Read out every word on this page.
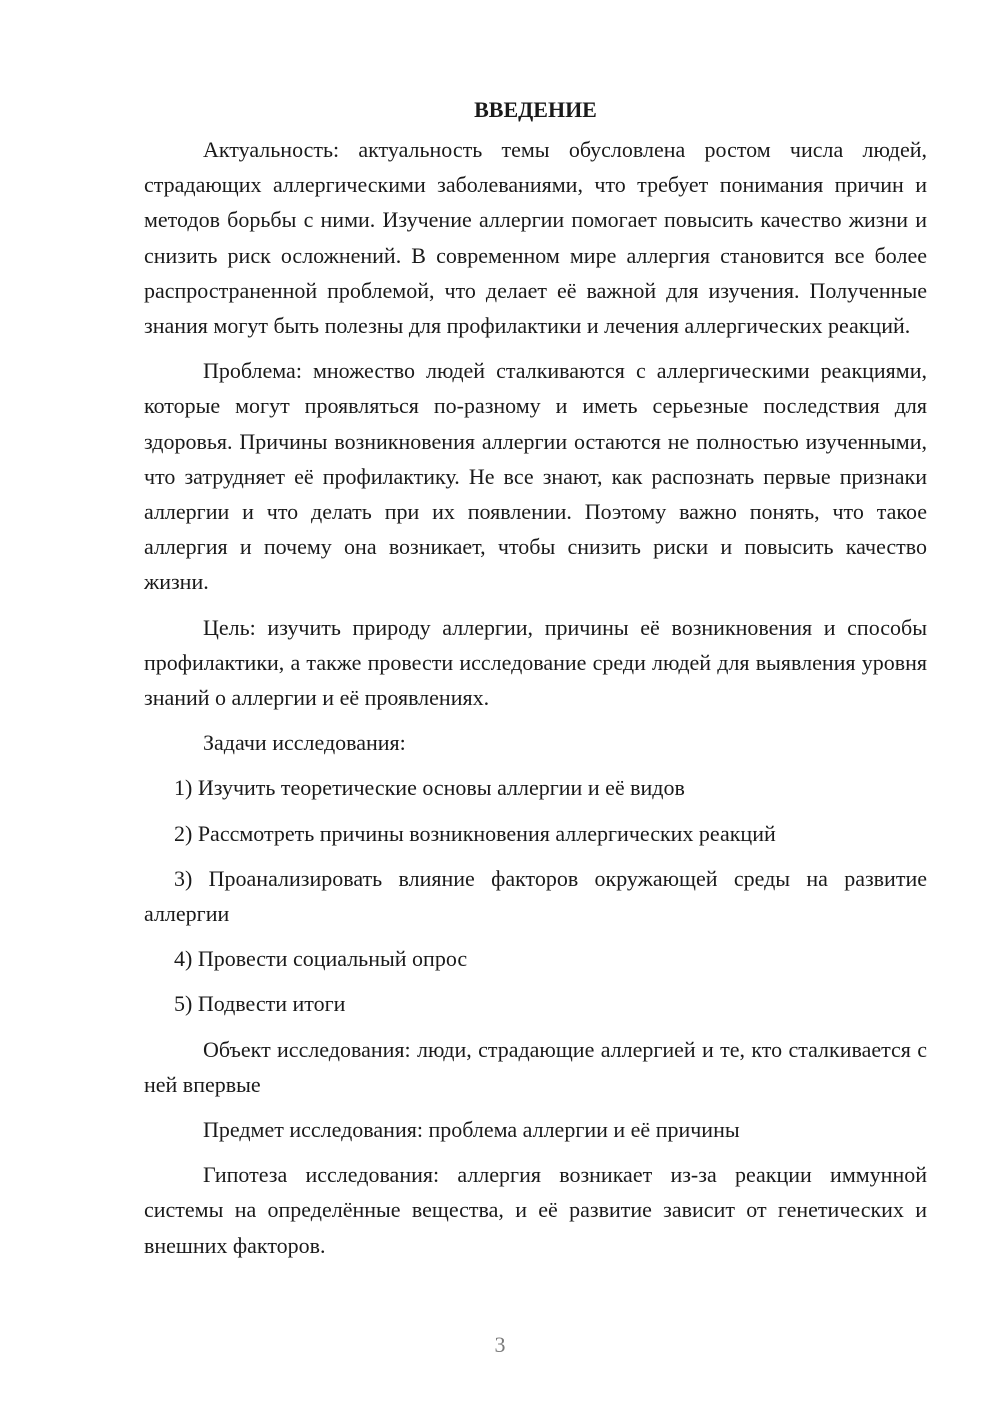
ВВЕДЕНИЕ

Актуальность: актуальность темы обусловлена ростом числа людей, страдающих аллергическими заболеваниями, что требует понимания причин и методов борьбы с ними. Изучение аллергии помогает повысить качество жизни и снизить риск осложнений. В современном мире аллергия становится все более распространенной проблемой, что делает её важной для изучения. Полученные знания могут быть полезны для профилактики и лечения аллергических реакций.

Проблема: множество людей сталкиваются с аллергическими реакциями, которые могут проявляться по-разному и иметь серьезные последствия для здоровья. Причины возникновения аллергии остаются не полностью изученными, что затрудняет её профилактику. Не все знают, как распознать первые признаки аллергии и что делать при их появлении. Поэтому важно понять, что такое аллергия и почему она возникает, чтобы снизить риски и повысить качество жизни.

Цель: изучить природу аллергии, причины её возникновения и способы профилактики, а также провести исследование среди людей для выявления уровня знаний о аллергии и её проявлениях.

Задачи исследования:

1) Изучить теоретические основы аллергии и её видов

2) Рассмотреть причины возникновения аллергических реакций

3) Проанализировать влияние факторов окружающей среды на развитие аллергии

4) Провести социальный опрос

5) Подвести итоги

Объект исследования: люди, страдающие аллергией и те, кто сталкивается с ней впервые

Предмет исследования: проблема аллергии и её причины

Гипотеза исследования: аллергия возникает из-за реакции иммунной системы на определённые вещества, и её развитие зависит от генетических и внешних факторов.

3
